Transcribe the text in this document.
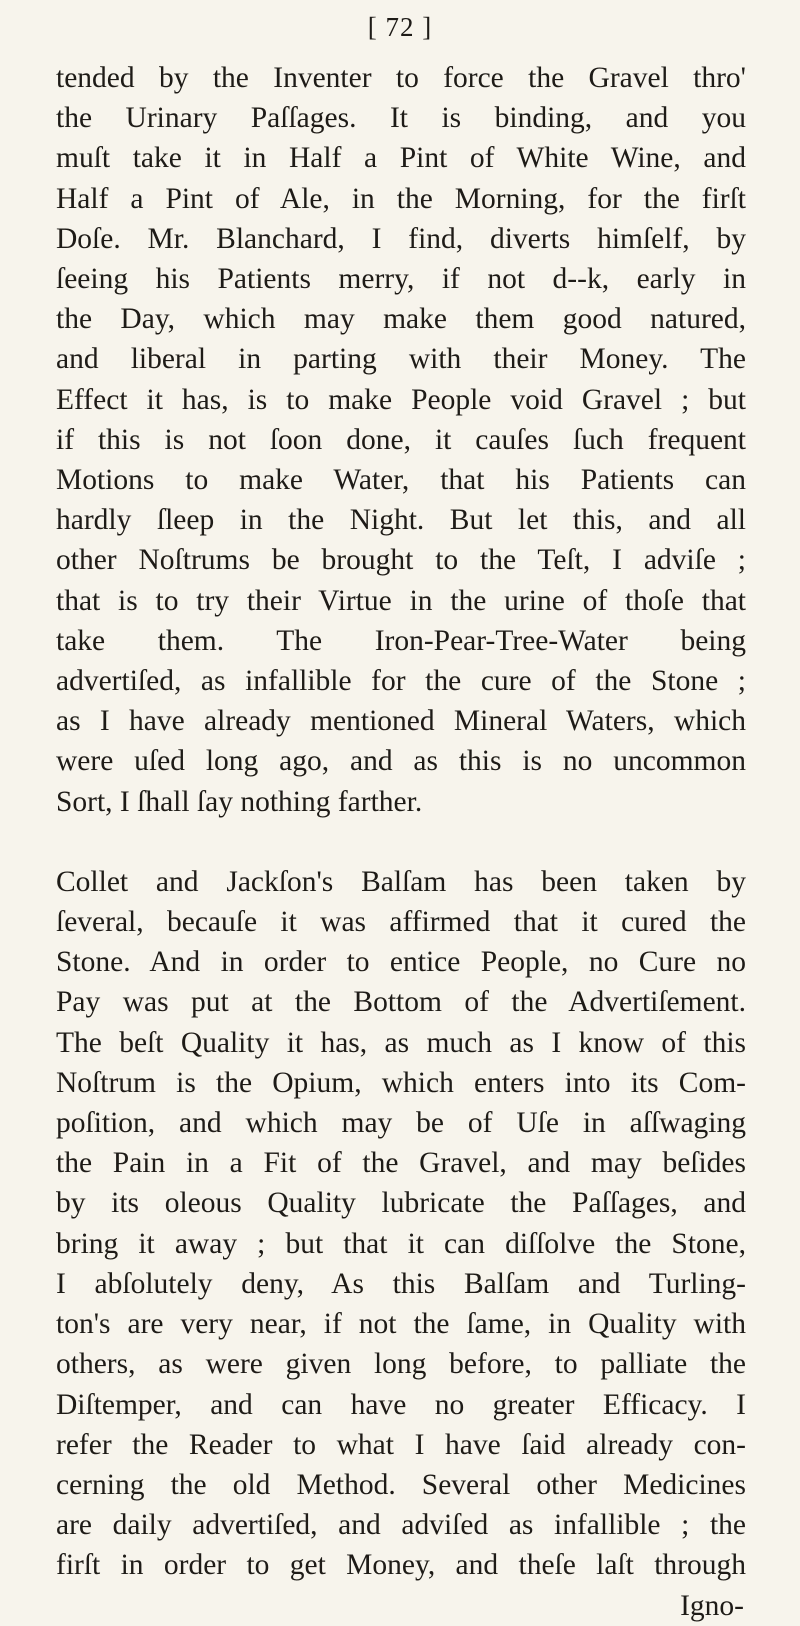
[ 72 ]
tended by the Inventer to force the Gravel thro'
the Urinary Paſſages. It is binding, and you
muſt take it in Half a Pint of White Wine, and
Half a Pint of Ale, in the Morning, for the firſt
Doſe. Mr. Blanchard, I find, diverts himſelf, by
ſeeing his Patients merry, if not d--k, early in
the Day, which may make them good natured,
and liberal in parting with their Money. The
Effect it has, is to make People void Gravel ; but
if this is not ſoon done, it cauſes ſuch frequent
Motions to make Water, that his Patients can
hardly ſleep in the Night. But let this, and all
other Noſtrums be brought to the Teſt, I adviſe ;
that is to try their Virtue in the urine of thoſe that
take them. The Iron-Pear-Tree-Water being
advertiſed, as infallible for the cure of the Stone ;
as I have already mentioned Mineral Waters, which
were uſed long ago, and as this is no uncommon
Sort, I ſhall ſay nothing farther.
Collet and Jackſon's Balſam has been taken by
ſeveral, becauſe it was affirmed that it cured the
Stone. And in order to entice People, no Cure no
Pay was put at the Bottom of the Advertiſement.
The beſt Quality it has, as much as I know of this
Noſtrum is the Opium, which enters into its Com-
poſition, and which may be of Uſe in aſſwaging
the Pain in a Fit of the Gravel, and may beſides
by its oleous Quality lubricate the Paſſages, and
bring it away ; but that it can diſſolve the Stone,
I abſolutely deny, As this Balſam and Turling-
ton's are very near, if not the ſame, in Quality with
others, as were given long before, to palliate the
Diſtemper, and can have no greater Efficacy. I
refer the Reader to what I have ſaid already con-
cerning the old Method. Several other Medicines
are daily advertiſed, and adviſed as infallible ; the
firſt in order to get Money, and theſe laſt through
Igno-
